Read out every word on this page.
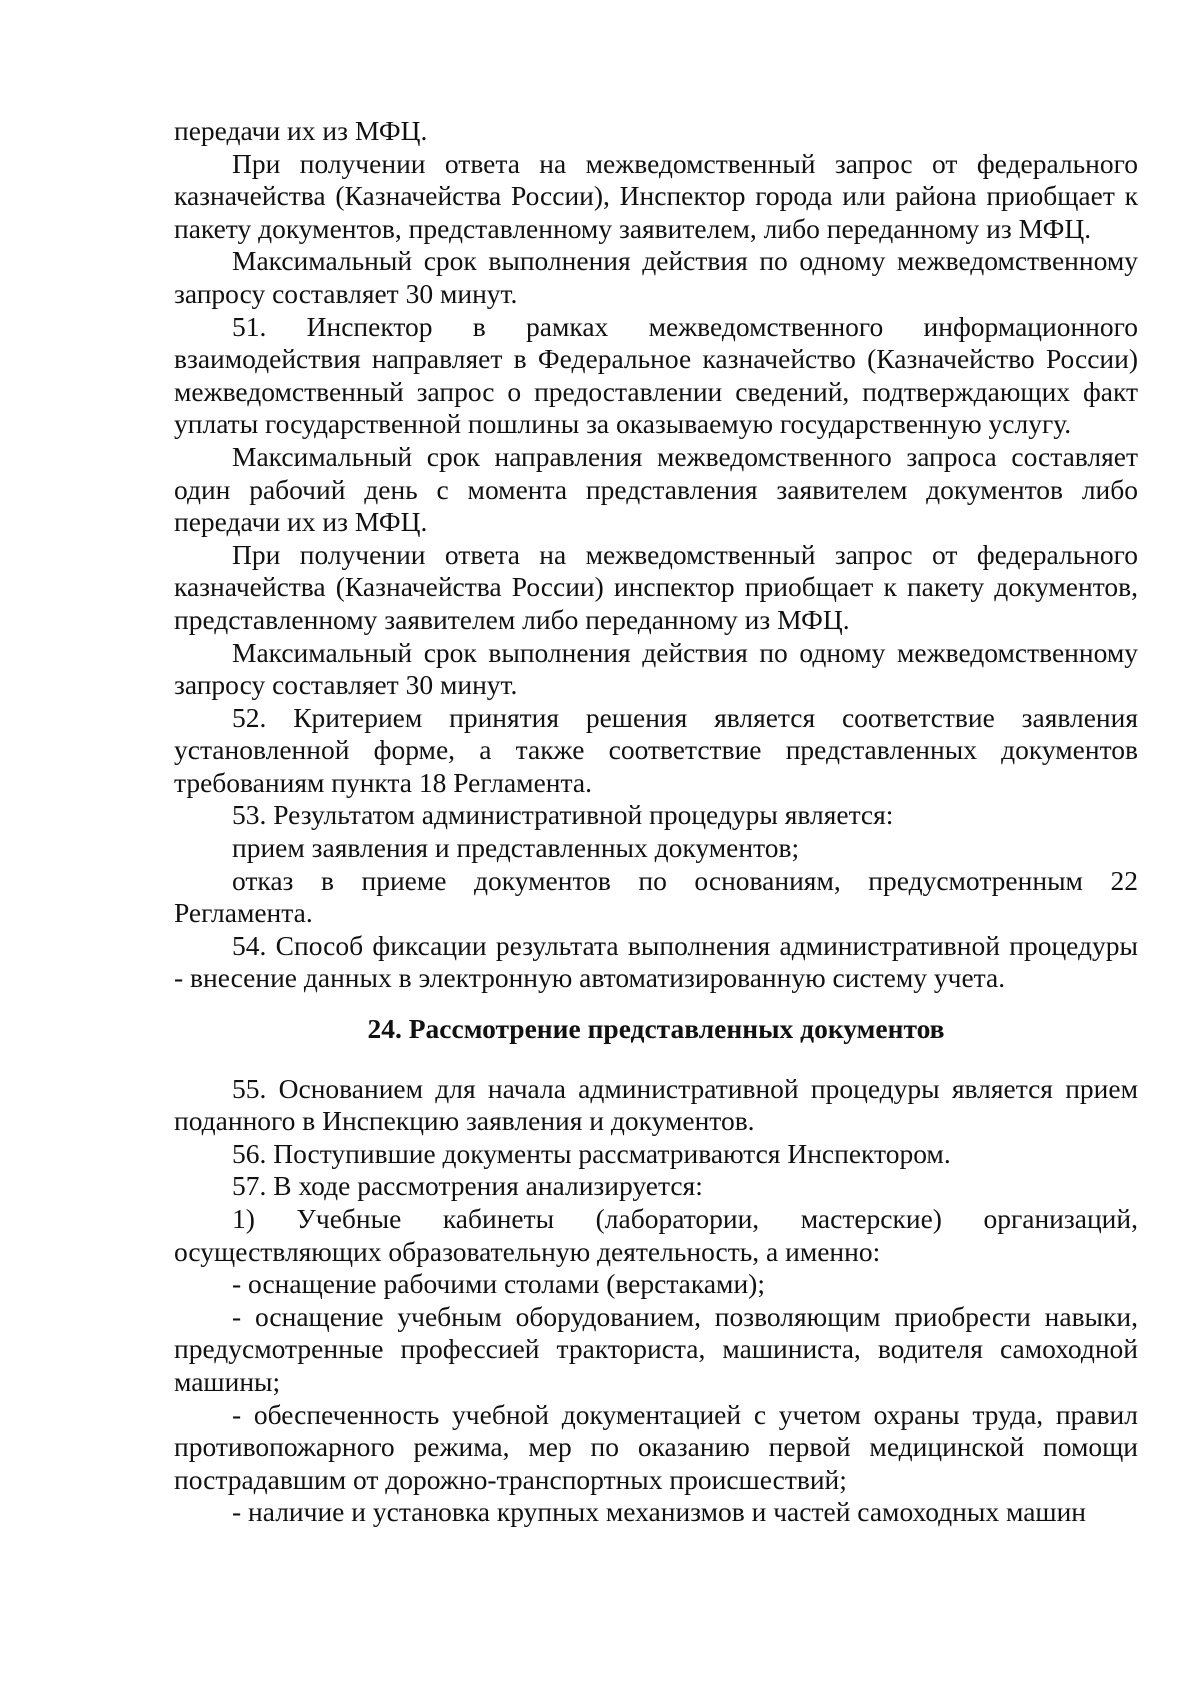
передачи их из МФЦ.

При получении ответа на межведомственный запрос от федерального казначейства (Казначейства России), Инспектор города или района приобщает к пакету документов, представленному заявителем, либо переданному из МФЦ.

Максимальный срок выполнения действия по одному межведомственному запросу составляет 30 минут.

51. Инспектор в рамках межведомственного информационного взаимодействия направляет в Федеральное казначейство (Казначейство России) межведомственный запрос о предоставлении сведений, подтверждающих факт уплаты государственной пошлины за оказываемую государственную услугу.

Максимальный срок направления межведомственного запроса составляет один рабочий день с момента представления заявителем документов либо передачи их из МФЦ.

При получении ответа на межведомственный запрос от федерального казначейства (Казначейства России) инспектор приобщает к пакету документов, представленному заявителем либо переданному из МФЦ.

Максимальный срок выполнения действия по одному межведомственному запросу составляет 30 минут.

52. Критерием принятия решения является соответствие заявления установленной форме, а также соответствие представленных документов требованиям пункта 18 Регламента.

53. Результатом административной процедуры является:

прием заявления и представленных документов;

отказ в приеме документов по основаниям, предусмотренным 22 Регламента.

54. Способ фиксации результата выполнения административной процедуры - внесение данных в электронную автоматизированную систему учета.

24. Рассмотрение представленных документов

55. Основанием для начала административной процедуры является прием поданного в Инспекцию заявления и документов.

56. Поступившие документы рассматриваются Инспектором.

57. В ходе рассмотрения анализируется:

1) Учебные кабинеты (лаборатории, мастерские) организаций, осуществляющих образовательную деятельность, а именно:

- оснащение рабочими столами (верстаками);

- оснащение учебным оборудованием, позволяющим приобрести навыки, предусмотренные профессией тракториста, машиниста, водителя самоходной машины;

- обеспеченность учебной документацией с учетом охраны труда, правил противопожарного режима, мер по оказанию первой медицинской помощи пострадавшим от дорожно-транспортных происшествий;

- наличие и установка крупных механизмов и частей самоходных машин
